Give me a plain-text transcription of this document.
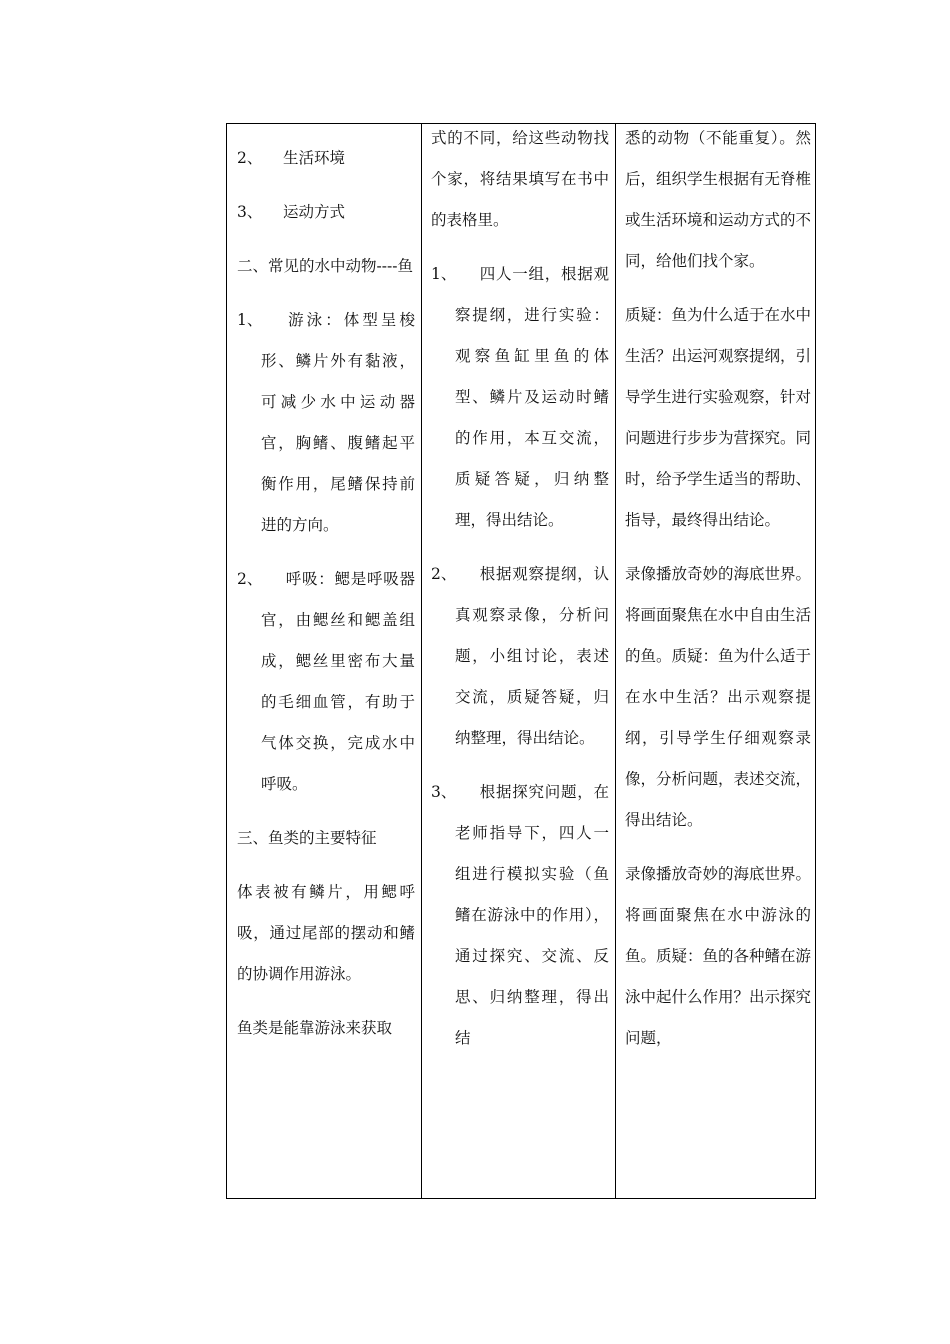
2、 生活环境

3、 运动方式

二、常见的水中动物----鱼

1、 游泳：体型呈梭形、鳞片外有黏液，可减少水中运动器官，胸鳍、腹鳍起平衡作用，尾鳍保持前进的方向。

2、 呼吸：鳃是呼吸器官，由鳃丝和鳃盖组成，鳃丝里密布大量的毛细血管，有助于气体交换，完成水中呼吸。

三、鱼类的主要特征

体表被有鳞片，用鳃呼吸，通过尾部的摆动和鳍的协调作用游泳。

鱼类是能靠游泳来获取

式的不同，给这些动物找个家，将结果填写在书中的表格里。

1、 四人一组，根据观察提纲，进行实验：观察鱼缸里鱼的体型、鳞片及运动时鳍的作用，本互交流，质疑答疑，归纳整理，得出结论。

2、 根据观察提纲，认真观察录像，分析问题，小组讨论，表述交流，质疑答疑，归纳整理，得出结论。

3、 根据探究问题，在老师指导下，四人一组进行模拟实验（鱼鳍在游泳中的作用），通过探究、交流、反思、归纳整理，得出结

悉的动物（不能重复）。然后，组织学生根据有无脊椎或生活环境和运动方式的不同，给他们找个家。

质疑：鱼为什么适于在水中生活？出运河观察提纲，引导学生进行实验观察，针对问题进行步步为营探究。同时，给予学生适当的帮助、指导，最终得出结论。

录像播放奇妙的海底世界。将画面聚焦在水中自由生活的鱼。质疑：鱼为什么适于在水中生活？出示观察提纲，引导学生仔细观察录像，分析问题，表述交流，得出结论。

录像播放奇妙的海底世界。将画面聚焦在水中游泳的鱼。质疑：鱼的各种鳍在游泳中起什么作用？出示探究问题，
